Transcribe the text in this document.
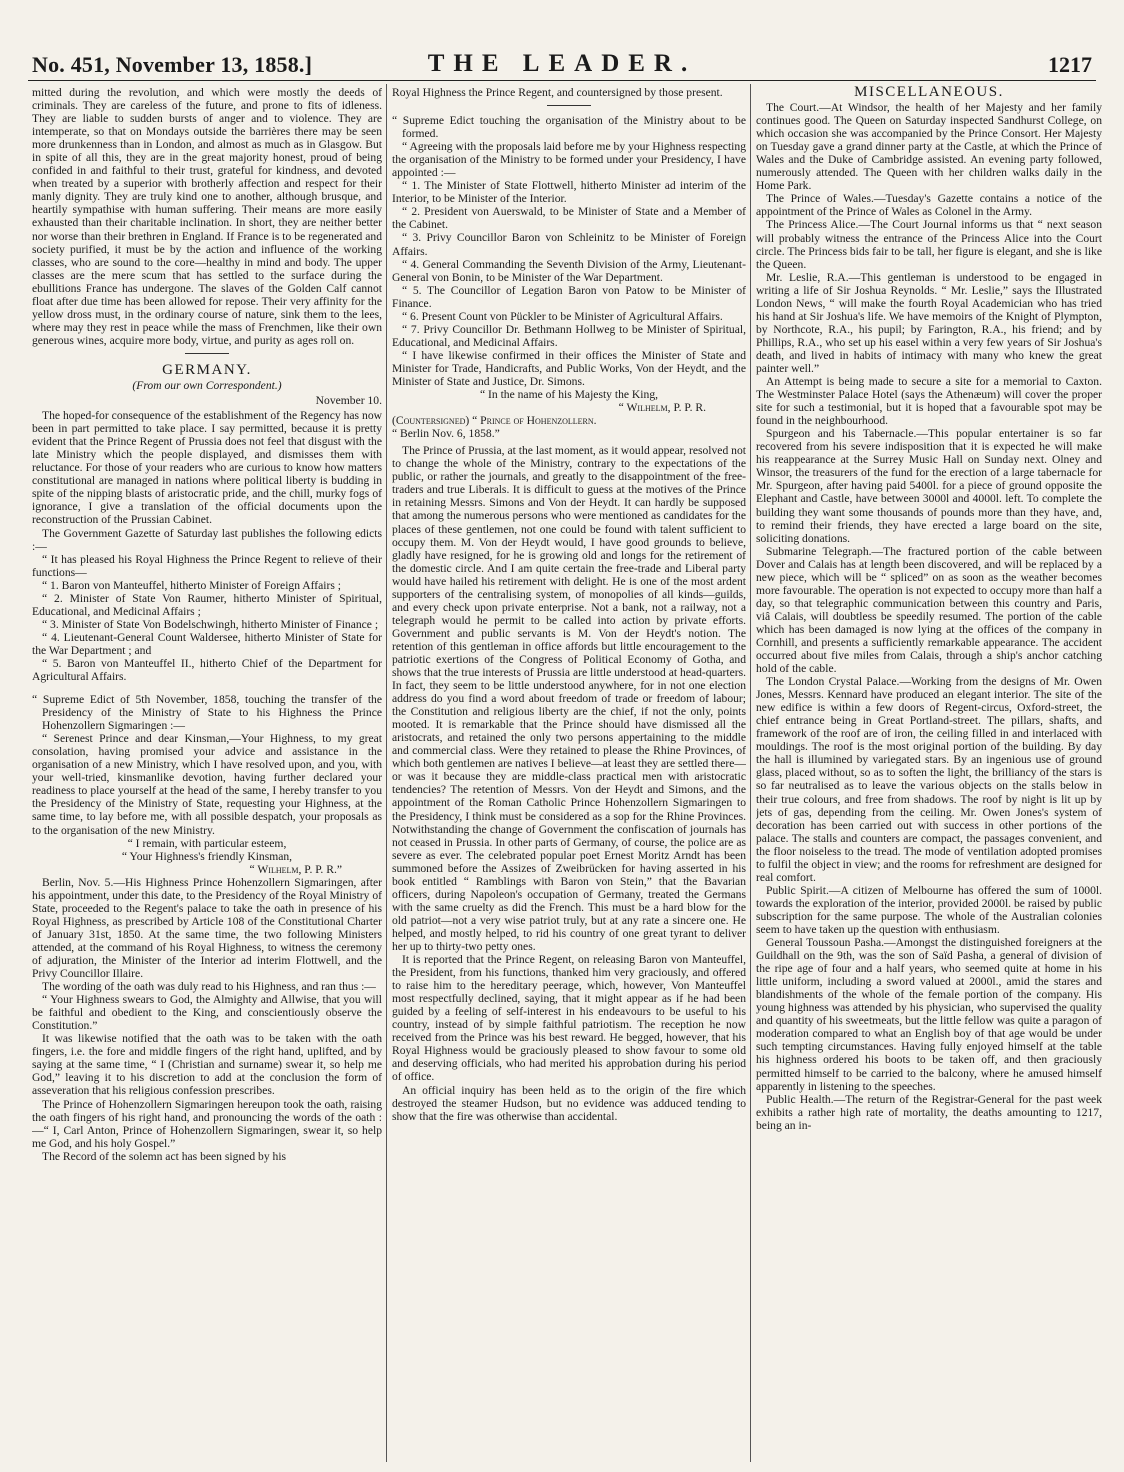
No. 451, November 13, 1858.]	THE LEADER.	1217

mitted during the revolution, and which were mostly the deeds of criminals. They are careless of the future, and prone to fits of idleness. They are liable to sudden bursts of anger and to violence. They are intemperate, so that on Mondays outside the barrières there may be seen more drunkenness than in London, and almost as much as in Glasgow. But in spite of all this, they are in the great majority honest, proud of being confided in and faithful to their trust, grateful for kindness, and devoted when treated by a superior with brotherly affection and respect for their manly dignity. They are truly kind one to another, although brusque, and heartily sympathise with human suffering. Their means are more easily exhausted than their charitable inclination. In short, they are neither better nor worse than their brethren in England. If France is to be regenerated and society purified, it must be by the action and influence of the working classes, who are sound to the core—healthy in mind and body. The upper classes are the mere scum that has settled to the surface during the ebullitions France has undergone. The slaves of the Golden Calf cannot float after due time has been allowed for repose. Their very affinity for the yellow dross must, in the ordinary course of nature, sink them to the lees, where may they rest in peace while the mass of Frenchmen, like their own generous wines, acquire more body, virtue, and purity as ages roll on.

GERMANY.
(From our own Correspondent.)
November 10.

The hoped-for consequence of the establishment of the Regency has now been in part permitted to take place. I say permitted, because it is pretty evident that the Prince Regent of Prussia does not feel that disgust with the late Ministry which the people displayed, and dismisses them with reluctance. For those of your readers who are curious to know how matters constitutional are managed in nations where political liberty is budding in spite of the nipping blasts of aristocratic pride, and the chill, murky fogs of ignorance, I give a translation of the official documents upon the reconstruction of the Prussian Cabinet.

The Government Gazette of Saturday last publishes the following edicts :—

“ It has pleased his Royal Highness the Prince Regent to relieve of their functions—

“ 1. Baron von Manteuffel, hitherto Minister of Foreign Affairs ;

“ 2. Minister of State Von Raumer, hitherto Minister of Spiritual, Educational, and Medicinal Affairs ;

“ 3. Minister of State Von Bodelschwingh, hitherto Minister of Finance ;

“ 4. Lieutenant-General Count Waldersee, hitherto Minister of State for the War Department ; and

“ 5. Baron von Manteuffel II., hitherto Chief of the Department for Agricultural Affairs.

“ Supreme Edict of 5th November, 1858, touching the transfer of the Presidency of the Ministry of State to his Highness the Prince Hohenzollern Sigmaringen :—

“ Serenest Prince and dear Kinsman,—Your Highness, to my great consolation, having promised your advice and assistance in the organisation of a new Ministry, which I have resolved upon, and you, with your well-tried, kinsmanlike devotion, having further declared your readiness to place yourself at the head of the same, I hereby transfer to you the Presidency of the Ministry of State, requesting your Highness, at the same time, to lay before me, with all possible despatch, your proposals as to the organisation of the new Ministry.

“ I remain, with particular esteem,

“ Your Highness's friendly Kinsman,

“ Wilhelm, P. P. R.”

Berlin, Nov. 5.—His Highness Prince Hohenzollern Sigmaringen, after his appointment, under this date, to the Presidency of the Royal Ministry of State, proceeded to the Regent's palace to take the oath in presence of his Royal Highness, as prescribed by Article 108 of the Constitutional Charter of January 31st, 1850. At the same time, the two following Ministers attended, at the command of his Royal Highness, to witness the ceremony of adjuration, the Minister of the Interior ad interim Flottwell, and the Privy Councillor Illaire.

The wording of the oath was duly read to his Highness, and ran thus :—

“ Your Highness swears to God, the Almighty and Allwise, that you will be faithful and obedient to the King, and conscientiously observe the Constitution.”

It was likewise notified that the oath was to be taken with the oath fingers, i.e. the fore and middle fingers of the right hand, uplifted, and by saying at the same time, “ I (Christian and surname) swear it, so help me God,” leaving it to his discretion to add at the conclusion the form of asseveration that his religious confession prescribes.

The Prince of Hohenzollern Sigmaringen hereupon took the oath, raising the oath fingers of his right hand, and pronouncing the words of the oath :—“ I, Carl Anton, Prince of Hohenzollern Sigmaringen, swear it, so help me God, and his holy Gospel.”

The Record of the solemn act has been signed by his

Royal Highness the Prince Regent, and countersigned by those present.

“ Supreme Edict touching the organisation of the Ministry about to be formed.

“ Agreeing with the proposals laid before me by your Highness respecting the organisation of the Ministry to be formed under your Presidency, I have appointed :—

“ 1. The Minister of State Flottwell, hitherto Minister ad interim of the Interior, to be Minister of the Interior.

“ 2. President von Auerswald, to be Minister of State and a Member of the Cabinet.

“ 3. Privy Councillor Baron von Schleinitz to be Minister of Foreign Affairs.

“ 4. General Commanding the Seventh Division of the Army, Lieutenant-General von Bonin, to be Minister of the War Department.

“ 5. The Councillor of Legation Baron von Patow to be Minister of Finance.

“ 6. Present Count von Pückler to be Minister of Agricultural Affairs.

“ 7. Privy Councillor Dr. Bethmann Hollweg to be Minister of Spiritual, Educational, and Medicinal Affairs.

“ I have likewise confirmed in their offices the Minister of State and Minister for Trade, Handicrafts, and Public Works, Von der Heydt, and the Minister of State and Justice, Dr. Simons.

“ In the name of his Majesty the King,

“ Wilhelm, P. P. R.

(Countersigned) “ Prince of Hohenzollern.

“ Berlin Nov. 6, 1858.”

The Prince of Prussia, at the last moment, as it would appear, resolved not to change the whole of the Ministry, contrary to the expectations of the public, or rather the journals, and greatly to the disappointment of the free-traders and true Liberals. It is difficult to guess at the motives of the Prince in retaining Messrs. Simons and Von der Heydt. It can hardly be supposed that among the numerous persons who were mentioned as candidates for the places of these gentlemen, not one could be found with talent sufficient to occupy them. M. Von der Heydt would, I have good grounds to believe, gladly have resigned, for he is growing old and longs for the retirement of the domestic circle. And I am quite certain the free-trade and Liberal party would have hailed his retirement with delight. He is one of the most ardent supporters of the centralising system, of monopolies of all kinds—guilds, and every check upon private enterprise. Not a bank, not a railway, not a telegraph would he permit to be called into action by private efforts. Government and public servants is M. Von der Heydt's notion. The retention of this gentleman in office affords but little encouragement to the patriotic exertions of the Congress of Political Economy of Gotha, and shows that the true interests of Prussia are little understood at head-quarters. In fact, they seem to be little understood anywhere, for in not one election address do you find a word about freedom of trade or freedom of labour; the Constitution and religious liberty are the chief, if not the only, points mooted. It is remarkable that the Prince should have dismissed all the aristocrats, and retained the only two persons appertaining to the middle and commercial class. Were they retained to please the Rhine Provinces, of which both gentlemen are natives I believe—at least they are settled there—or was it because they are middle-class practical men with aristocratic tendencies? The retention of Messrs. Von der Heydt and Simons, and the appointment of the Roman Catholic Prince Hohenzollern Sigmaringen to the Presidency, I think must be considered as a sop for the Rhine Provinces. Notwithstanding the change of Government the confiscation of journals has not ceased in Prussia. In other parts of Germany, of course, the police are as severe as ever. The celebrated popular poet Ernest Moritz Arndt has been summoned before the Assizes of Zweibrücken for having asserted in his book entitled “ Ramblings with Baron von Stein,” that the Bavarian officers, during Napoleon's occupation of Germany, treated the Germans with the same cruelty as did the French. This must be a hard blow for the old patriot—not a very wise patriot truly, but at any rate a sincere one. He helped, and mostly helped, to rid his country of one great tyrant to deliver her up to thirty-two petty ones.

It is reported that the Prince Regent, on releasing Baron von Manteuffel, the President, from his functions, thanked him very graciously, and offered to raise him to the hereditary peerage, which, however, Von Manteuffel most respectfully declined, saying, that it might appear as if he had been guided by a feeling of self-interest in his endeavours to be useful to his country, instead of by simple faithful patriotism. The reception he now received from the Prince was his best reward. He begged, however, that his Royal Highness would be graciously pleased to show favour to some old and deserving officials, who had merited his approbation during his period of office.

An official inquiry has been held as to the origin of the fire which destroyed the steamer Hudson, but no evidence was adduced tending to show that the fire was otherwise than accidental.

MISCELLANEOUS.

The Court.—At Windsor, the health of her Majesty and her family continues good. The Queen on Saturday inspected Sandhurst College, on which occasion she was accompanied by the Prince Consort. Her Majesty on Tuesday gave a grand dinner party at the Castle, at which the Prince of Wales and the Duke of Cambridge assisted. An evening party followed, numerously attended. The Queen with her children walks daily in the Home Park.

The Prince of Wales.—Tuesday's Gazette contains a notice of the appointment of the Prince of Wales as Colonel in the Army.

The Princess Alice.—The Court Journal informs us that “ next season will probably witness the entrance of the Princess Alice into the Court circle. The Princess bids fair to be tall, her figure is elegant, and she is like the Queen.

Mr. Leslie, R.A.—This gentleman is understood to be engaged in writing a life of Sir Joshua Reynolds. “ Mr. Leslie,” says the Illustrated London News, “ will make the fourth Royal Academician who has tried his hand at Sir Joshua's life. We have memoirs of the Knight of Plympton, by Northcote, R.A., his pupil; by Farington, R.A., his friend; and by Phillips, R.A., who set up his easel within a very few years of Sir Joshua's death, and lived in habits of intimacy with many who knew the great painter well.”

An Attempt is being made to secure a site for a memorial to Caxton. The Westminster Palace Hotel (says the Athenæum) will cover the proper site for such a testimonial, but it is hoped that a favourable spot may be found in the neighbourhood.

Spurgeon and his Tabernacle.—This popular entertainer is so far recovered from his severe indisposition that it is expected he will make his reappearance at the Surrey Music Hall on Sunday next. Olney and Winsor, the treasurers of the fund for the erection of a large tabernacle for Mr. Spurgeon, after having paid 5400l. for a piece of ground opposite the Elephant and Castle, have between 3000l and 4000l. left. To complete the building they want some thousands of pounds more than they have, and, to remind their friends, they have erected a large board on the site, soliciting donations.

Submarine Telegraph.—The fractured portion of the cable between Dover and Calais has at length been discovered, and will be replaced by a new piece, which will be “ spliced” on as soon as the weather becomes more favourable. The operation is not expected to occupy more than half a day, so that telegraphic communication between this country and Paris, viâ Calais, will doubtless be speedily resumed. The portion of the cable which has been damaged is now lying at the offices of the company in Cornhill, and presents a sufficiently remarkable appearance. The accident occurred about five miles from Calais, through a ship's anchor catching hold of the cable.

The London Crystal Palace.—Working from the designs of Mr. Owen Jones, Messrs. Kennard have produced an elegant interior. The site of the new edifice is within a few doors of Regent-circus, Oxford-street, the chief entrance being in Great Portland-street. The pillars, shafts, and framework of the roof are of iron, the ceiling filled in and interlaced with mouldings. The roof is the most original portion of the building. By day the hall is illumined by variegated stars. By an ingenious use of ground glass, placed without, so as to soften the light, the brilliancy of the stars is so far neutralised as to leave the various objects on the stalls below in their true colours, and free from shadows. The roof by night is lit up by jets of gas, depending from the ceiling. Mr. Owen Jones's system of decoration has been carried out with success in other portions of the palace. The stalls and counters are compact, the passages convenient, and the floor noiseless to the tread. The mode of ventilation adopted promises to fulfil the object in view; and the rooms for refreshment are designed for real comfort.

Public Spirit.—A citizen of Melbourne has offered the sum of 1000l. towards the exploration of the interior, provided 2000l. be raised by public subscription for the same purpose. The whole of the Australian colonies seem to have taken up the question with enthusiasm.

General Toussoun Pasha.—Amongst the distinguished foreigners at the Guildhall on the 9th, was the son of Saïd Pasha, a general of division of the ripe age of four and a half years, who seemed quite at home in his little uniform, including a sword valued at 2000l., amid the stares and blandishments of the whole of the female portion of the company. His young highness was attended by his physician, who supervised the quality and quantity of his sweetmeats, but the little fellow was quite a paragon of moderation compared to what an English boy of that age would be under such tempting circumstances. Having fully enjoyed himself at the table his highness ordered his boots to be taken off, and then graciously permitted himself to be carried to the balcony, where he amused himself apparently in listening to the speeches.

Public Health.—The return of the Registrar-General for the past week exhibits a rather high rate of mortality, the deaths amounting to 1217, being an in-
